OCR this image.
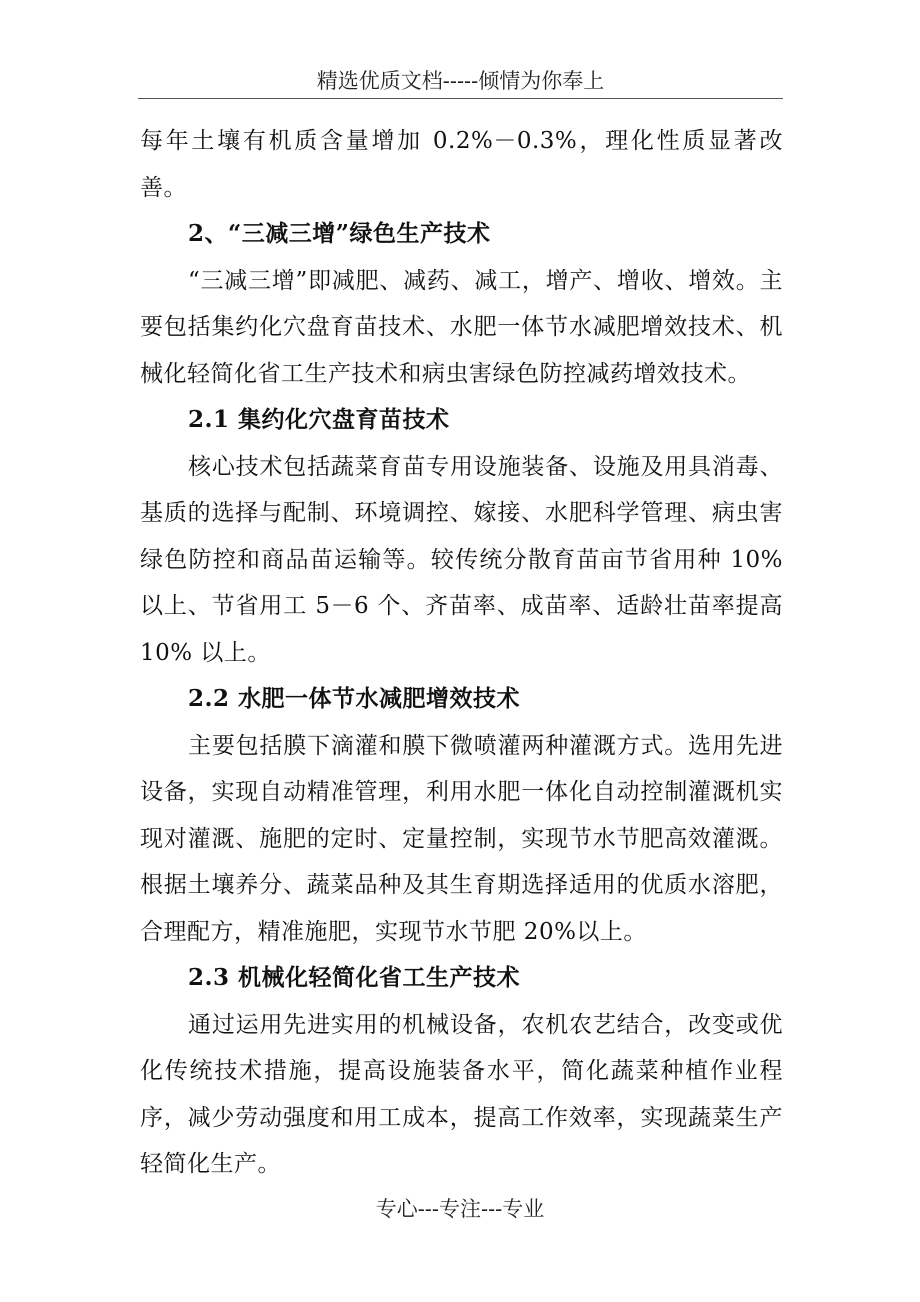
精选优质文档-----倾情为你奉上

每年土壤有机质含量增加 0.2%－0.3%，理化性质显著改善。

2、“三减三增”绿色生产技术

“三减三增”即减肥、减药、减工，增产、增收、增效。主要包括集约化穴盘育苗技术、水肥一体节水减肥增效技术、机械化轻简化省工生产技术和病虫害绿色防控减药增效技术。

2.1 集约化穴盘育苗技术

核心技术包括蔬菜育苗专用设施装备、设施及用具消毒、基质的选择与配制、环境调控、嫁接、水肥科学管理、病虫害绿色防控和商品苗运输等。较传统分散育苗亩节省用种 10%以上、节省用工 5－6 个、齐苗率、成苗率、适龄壮苗率提高 10% 以上。

2.2 水肥一体节水减肥增效技术

主要包括膜下滴灌和膜下微喷灌两种灌溉方式。选用先进设备，实现自动精准管理，利用水肥一体化自动控制灌溉机实现对灌溉、施肥的定时、定量控制，实现节水节肥高效灌溉。根据土壤养分、蔬菜品种及其生育期选择适用的优质水溶肥，合理配方，精准施肥，实现节水节肥 20%以上。

2.3 机械化轻简化省工生产技术

通过运用先进实用的机械设备，农机农艺结合，改变或优化传统技术措施，提高设施装备水平，简化蔬菜种植作业程序，减少劳动强度和用工成本，提高工作效率，实现蔬菜生产轻简化生产。

专心---专注---专业
